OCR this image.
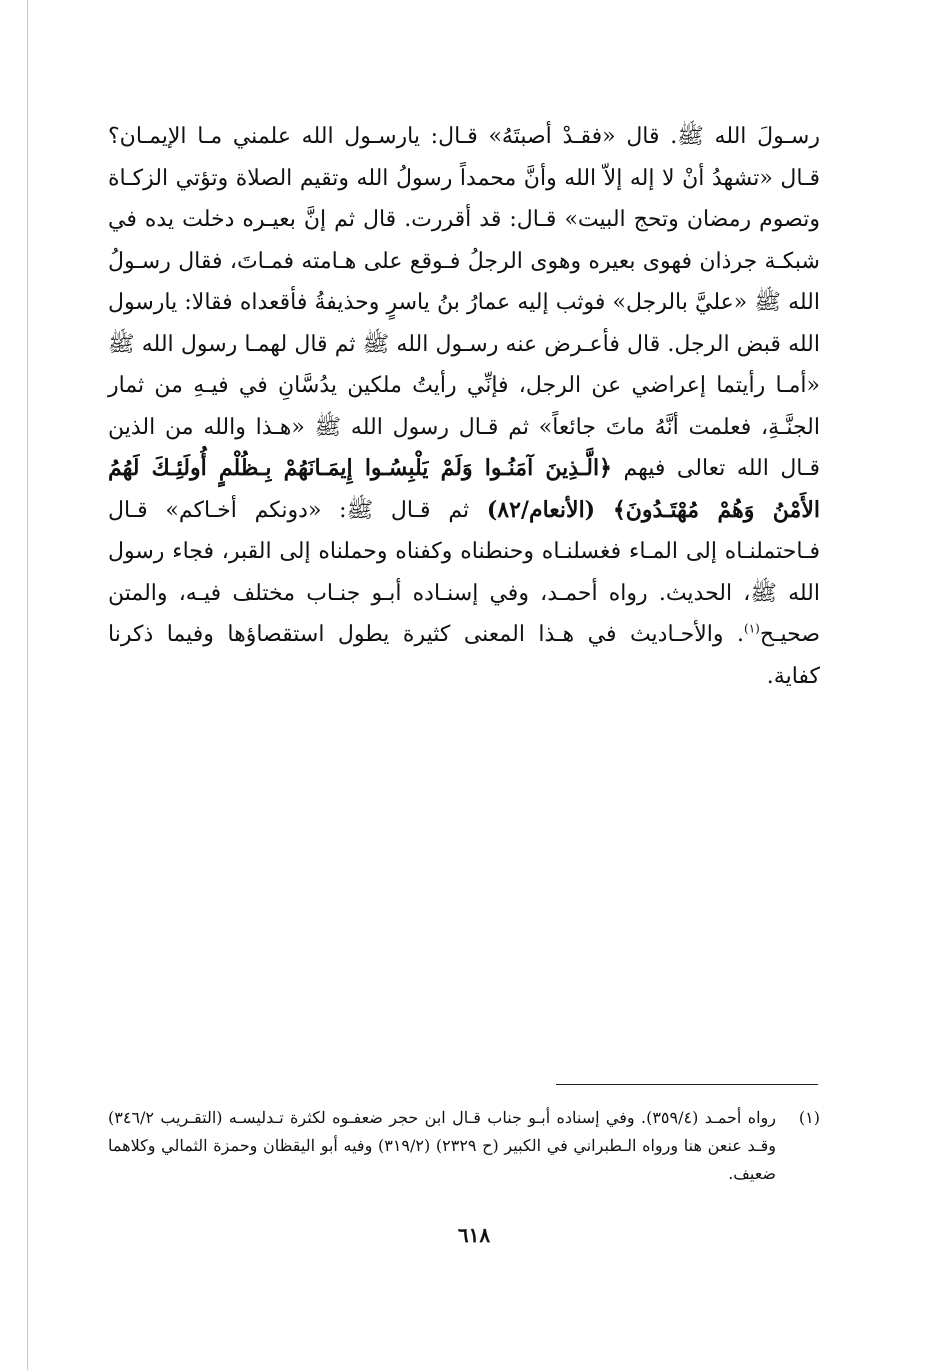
رسـولَ الله ﷺ. قال «فقـدْ أصبتَهُ» قـال: يارسـول الله علمني مـا الإيمـان؟ قـال «تشهدُ أنْ لا إله إلاّ الله وأنَّ محمداً رسولُ الله وتقيم الصلاة وتؤتي الزكـاة وتصوم رمضان وتحج البيت» قـال: قد أقررت. قال ثم إنَّ بعيـره دخلت يده في شبكـة جرذان فهوى بعيره وهوى الرجلُ فـوقع على هـامته فمـاتَ، فقال رسـولُ الله ﷺ «عليَّ بالرجل» فوثب إليه عمارُ بنُ ياسرٍ وحذيفةُ فأقعداه فقالا: يارسول الله قبض الرجل. قال فأعـرض عنه رسـول الله ﷺ ثم قال لهمـا رسول الله ﷺ «أمـا رأيتما إعراضي عن الرجل، فإنِّي رأيتُ ملكين يدُسَّانِ في فيـهِ من ثمار الجنَّـةِ، فعلمت أنَّهُ ماتَ جائعاً» ثم قـال رسول الله ﷺ «هـذا والله من الذين قـال الله تعالى فيهم ﴿الَّـذِينَ آمَنُـوا وَلَمْ يَلْبِسُـوا إِيمَـانَهُمْ بِـظُلْمٍ أُولَئِـكَ لَهُمُ الأَمْنُ وَهُمْ مُهْتَـدُونَ﴾ (الأنعام/٨٢) ثم قـال ﷺ: «دونكم أخـاكم» قـال فـاحتملنـاه إلى المـاء فغسلنـاه وحنطناه وكفناه وحملناه إلى القبر، فجاء رسول الله ﷺ، الحديث. رواه أحمـد، وفي إسنـاده أبـو جنـاب مختلف فيـه، والمتن صحيـح$^{(١)}$. والأحـاديث في هـذا المعنى كثيرة يطول استقصاؤها وفيما ذكرنا كفاية.

(١)
رواه أحمـد (٣٥٩/٤). وفي إسناده أبـو جناب قـال ابن حجر ضعفـوه لكثرة تـدليسـه (التقـريب ٣٤٦/٢) وقـد عنعن هنا ورواه الـطبراني في الكبير (ح ٢٣٢٩) (٣١٩/٢) وفيه أبو اليقظان وحمزة الثمالي وكلاهما ضعيف.
٦١٨
